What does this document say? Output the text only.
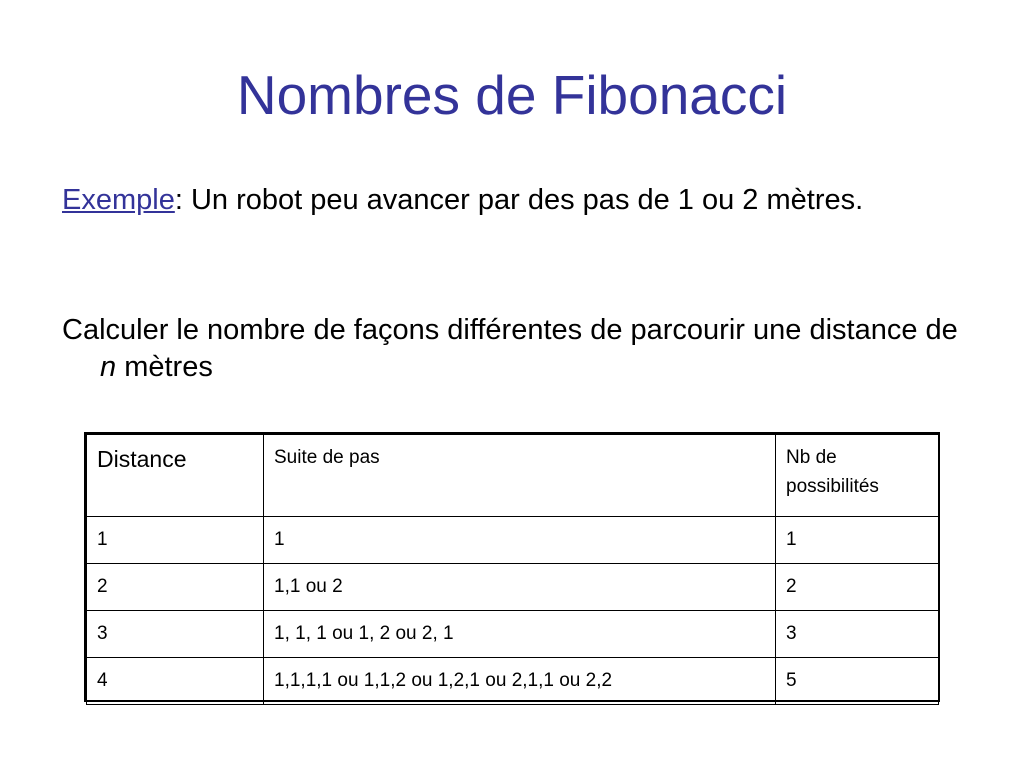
Nombres de Fibonacci

Exemple: Un robot peu avancer par des pas de 1 ou 2 mètres.

Calculer le nombre de façons différentes de parcourir une distance de n mètres

Distance	Suite de pas	Nb de possibilités
1	1	1
2	1,1 ou 2	2
3	1, 1, 1 ou 1, 2 ou 2, 1	3
4	1,1,1,1 ou 1,1,2 ou 1,2,1 ou 2,1,1 ou 2,2	5
